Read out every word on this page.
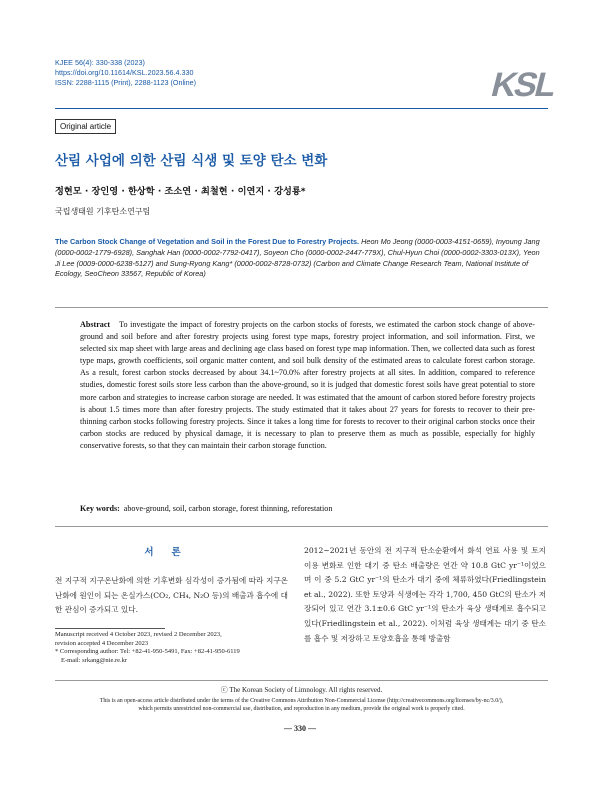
KJEE 56(4): 330-338 (2023)
https://doi.org/10.11614/KSL.2023.56.4.330
ISSN: 2288-1115 (Print), 2288-1123 (Online)	KSL
Original article
산림 사업에 의한 산림 식생 및 토양 탄소 변화
정현모 · 장인영 · 한상학 · 조소연 · 최철현 · 이연지 · 강성룡*
국립생태원 기후탄소연구팀
The Carbon Stock Change of Vegetation and Soil in the Forest Due to Forestry Projects. Heon Mo Jeong (0000-0003-4151-0659), Inyoung Jang (0000-0002-1779-6928), Sanghak Han (0000-0002-7792-0417), Soyeon Cho (0000-0002-2447-779X), Chul-Hyun Choi (0000-0002-3303-013X), Yeon Ji Lee (0009-0000-6238-5127) and Sung-Ryong Kang* (0000-0002-8728-0732) (Carbon and Climate Change Research Team, National Institute of Ecology, SeoCheon 33567, Republic of Korea)
Abstract To investigate the impact of forestry projects on the carbon stocks of forests, we estimated the carbon stock change of above-ground and soil before and after forestry projects using forest type maps, forestry project information, and soil information. First, we selected six map sheet with large areas and declining age class based on forest type map information. Then, we collected data such as forest type maps, growth coefficients, soil organic matter content, and soil bulk density of the estimated areas to calculate forest carbon storage. As a result, forest carbon stocks decreased by about 34.1~70.0% after forestry projects at all sites. In addition, compared to reference studies, domestic forest soils store less carbon than the above-ground, so it is judged that domestic forest soils have great potential to store more carbon and strategies to increase carbon storage are needed. It was estimated that the amount of carbon stored before forestry projects is about 1.5 times more than after forestry projects. The study estimated that it takes about 27 years for forests to recover to their pre-thinning carbon stocks following forestry projects. Since it takes a long time for forests to recover to their original carbon stocks once their carbon stocks are reduced by physical damage, it is necessary to plan to preserve them as much as possible, especially for highly conservative forests, so that they can maintain their carbon storage function.
Key words: above-ground, soil, carbon storage, forest thinning, reforestation
서론
전 지구적 지구온난화에 의한 기후변화 심각성이 증가됨에 따라 지구온난화에 원인이 되는 온실가스(CO₂, CH₄, N₂O 등)의 배출과 흡수에 대한 관심이 증가되고 있다.
2012~2021년 동안의 전 지구적 탄소순환에서 화석 연료 사용 및 토지이용 변화로 인한 대기 중 탄소 배출량은 연간 약 10.8 GtC yr⁻¹이었으며 이 중 5.2 GtC yr⁻¹의 탄소가 대기 중에 체류하였다(Friedlingstein et al., 2022). 또한 토양과 식생에는 각각 1,700, 450 GtC의 탄소가 저장되어 있고 연간 3.1±0.6 GtC yr⁻¹의 탄소가 육상 생태계로 흡수되고 있다(Friedlingstein et al., 2022). 이처럼 육상 생태계는 대기 중 탄소를 흡수 및 저장하고 토양호흡을 통해 방출함
Manuscript received 4 October 2023, revised 2 December 2023,
revision accepted 4 December 2023
* Corresponding author: Tel: +82-41-950-5491, Fax: +82-41-950-6119
E-mail: srkang@nie.re.kr
ⓒ The Korean Society of Limnology. All rights reserved.
This is an open-access article distributed under the terms of the Creative Commons Attribution Non-Commercial License (http://creativecommons.org/licenses/by-nc/3.0/),
which permits unrestricted non-commercial use, distribution, and reproduction in any medium, provide the original work is properly cited.
— 330 —
